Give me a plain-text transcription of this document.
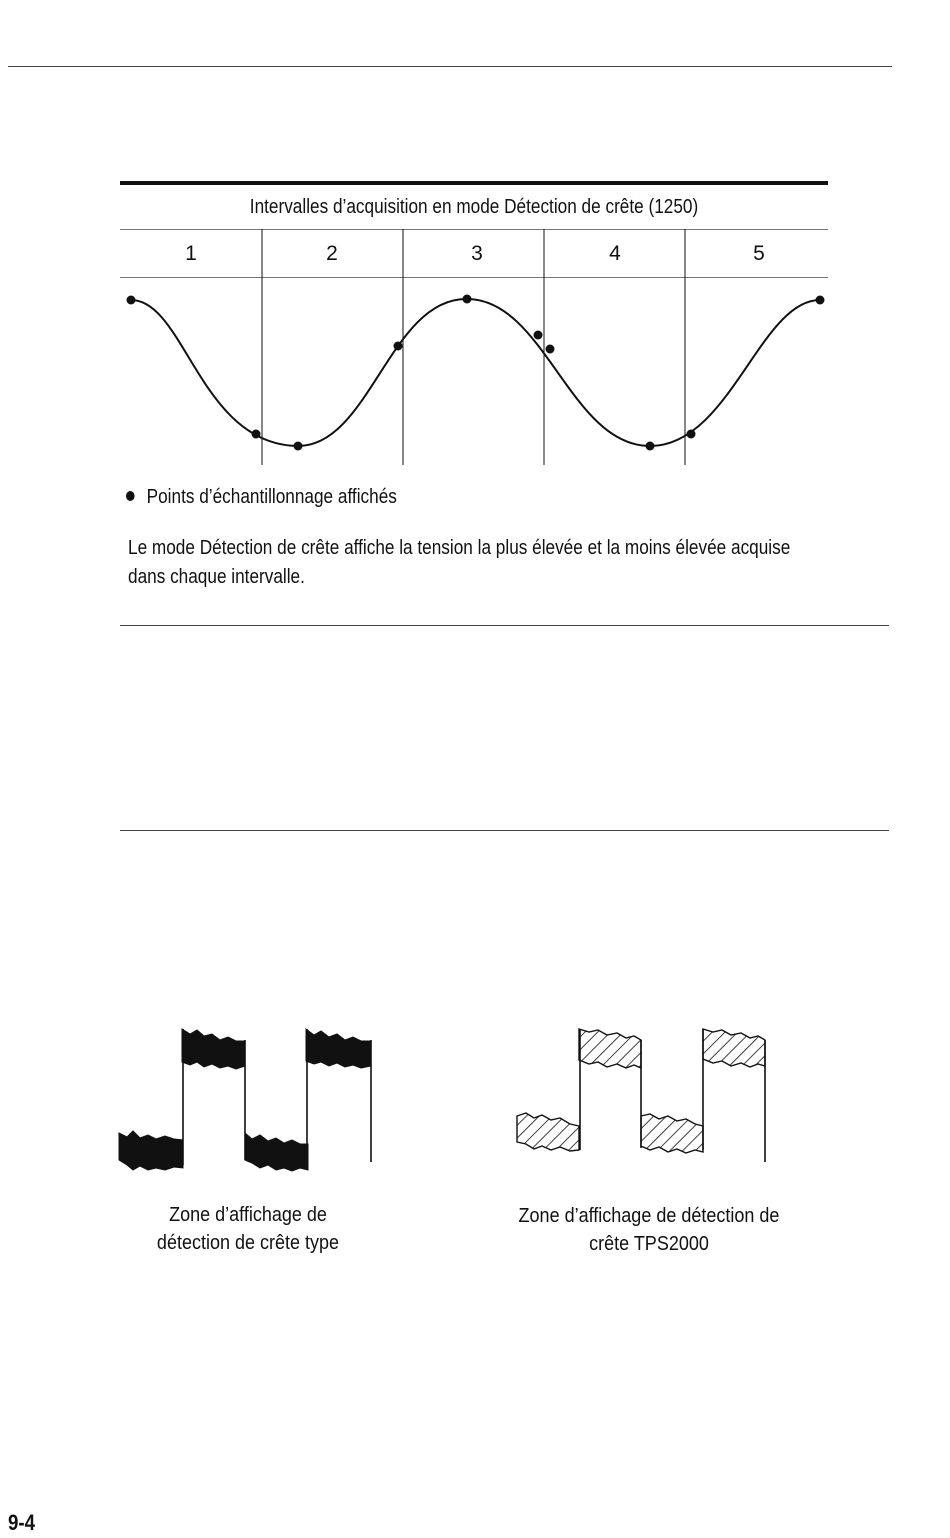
Intervalles d’acquisition en mode Détection de crête (1250)
1	2	3	4	5
Points d’échantillonnage affichés
Le mode Détection de crête affiche la tension la plus élevée et la moins élevée acquise dans chaque intervalle.
Zone d’affichage de
détection de crête type
Zone d’affichage de détection de
crête TPS2000
9-4
